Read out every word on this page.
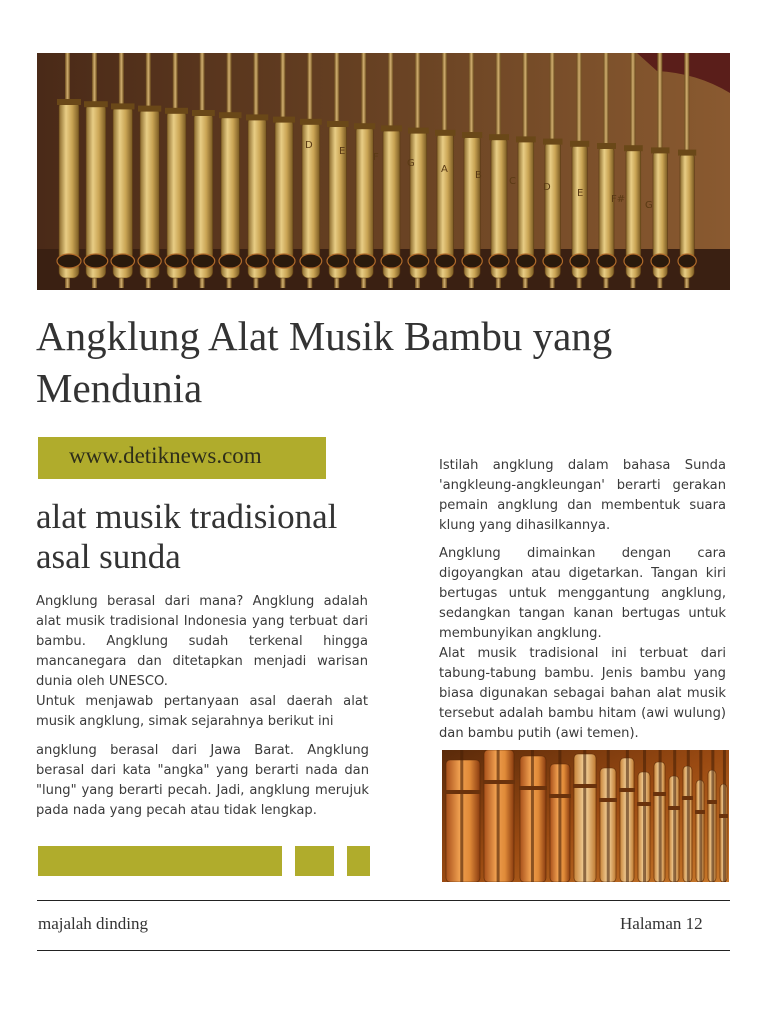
D
E
F
G
A
B
C
D
E
F#
G
Angklung Alat Musik Bambu yang Mendunia
www.detiknews.com
alat musik tradisional asal sunda

Angklung berasal dari mana? Angklung adalah alat musik tradisional Indonesia yang terbuat dari bambu. Angklung sudah terkenal hingga mancanegara dan ditetapkan menjadi warisan dunia oleh UNESCO.

Untuk menjawab pertanyaan asal daerah alat musik angklung, simak sejarahnya berikut ini

angklung berasal dari Jawa Barat. Angklung berasal dari kata "angka" yang berarti nada dan "lung" yang berarti pecah. Jadi, angklung merujuk pada nada yang pecah atau tidak lengkap.

Istilah angklung dalam bahasa Sunda 'angkleung-angkleungan' berarti gerakan pemain angklung dan membentuk suara klung yang dihasilkannya.

Angklung dimainkan dengan cara digoyangkan atau digetarkan. Tangan kiri bertugas untuk menggantung angklung, sedangkan tangan kanan bertugas untuk membunyikan angklung.

Alat musik tradisional ini terbuat dari tabung-tabung bambu. Jenis bambu yang biasa digunakan sebagai bahan alat musik tersebut adalah bambu hitam (awi wulung) dan bambu putih (awi temen).

majalah dinding	Halaman 12
